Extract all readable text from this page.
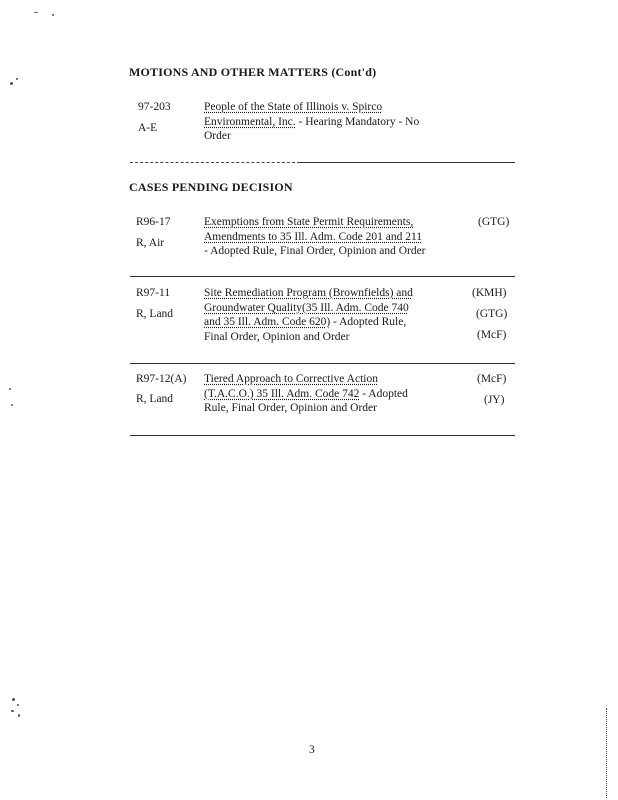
MOTIONS AND OTHER MATTERS (Cont'd)
97-203
A-E
People of the State of Illinois v. Spirco
Environmental, Inc. - Hearing Mandatory - No
Order
CASES PENDING DECISION
R96-17
R, Air
Exemptions from State Permit Requirements,
Amendments to 35 Ill. Adm. Code 201 and 211
- Adopted Rule, Final Order, Opinion and Order
(GTG)
R97-11
R, Land
Site Remediation Program (Brownfields) and
Groundwater Quality(35 Ill. Adm. Code 740
and 35 Ill. Adm. Code 620) - Adopted Rule,
Final Order, Opinion and Order
(KMH)
(GTG)
(McF)
R97-12(A)
R, Land
Tiered Approach to Corrective Action
(T.A.C.O.) 35 Ill. Adm. Code 742 - Adopted
Rule, Final Order, Opinion and Order
(McF)
(JY)
3
